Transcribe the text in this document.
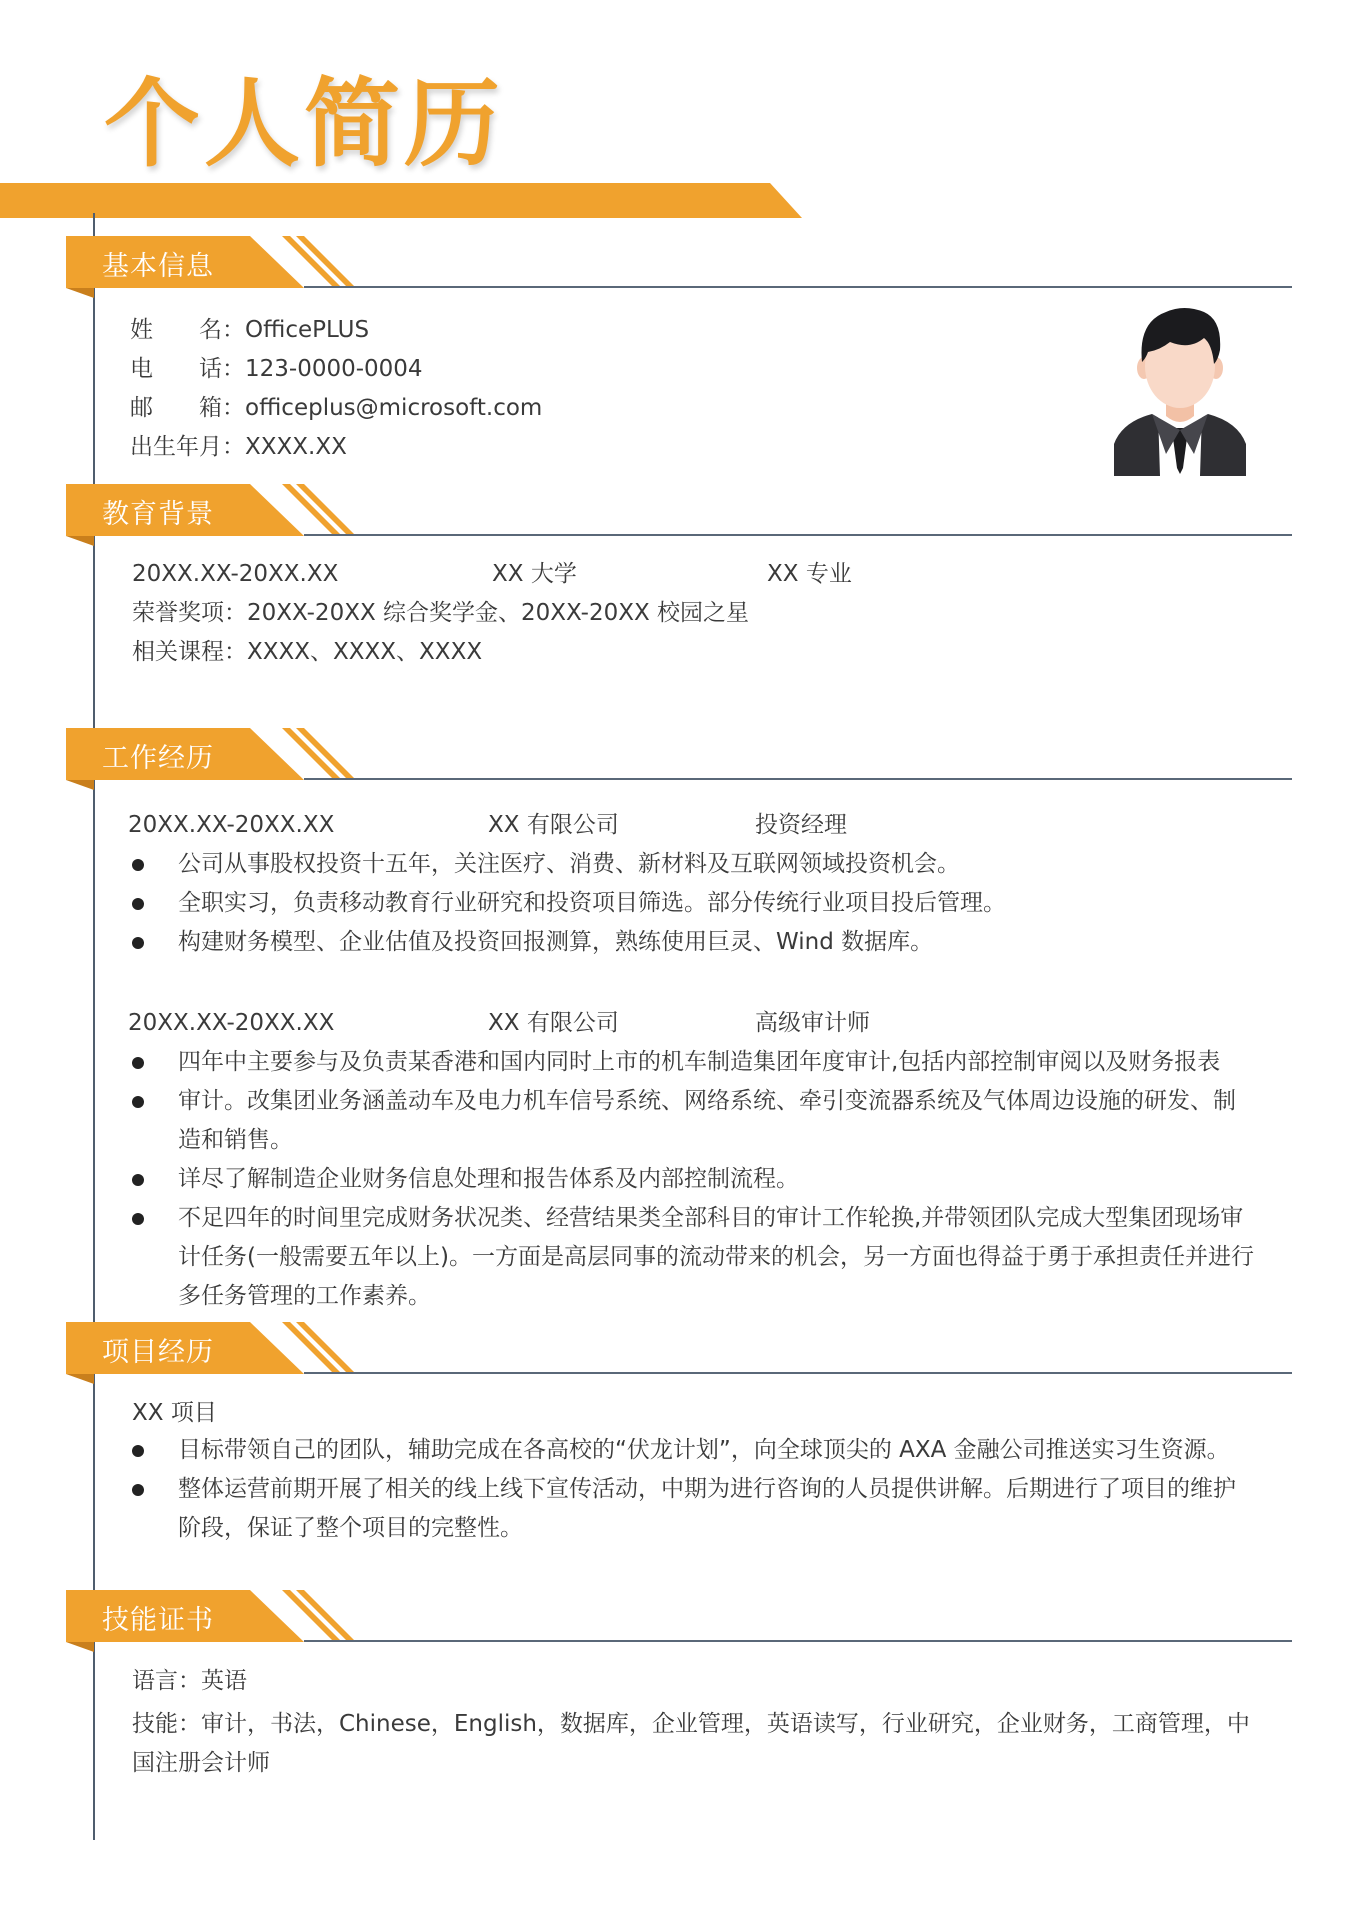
个人简历
基本信息
姓　　名：OfficePLUS
电　　话：123-0000-0004
邮　　箱：officeplus@microsoft.com
出生年月：XXXX.XX
教育背景
20XX.XX-20XX.XX	XX 大学	XX 专业
荣誉奖项：20XX-20XX 综合奖学金、20XX-20XX 校园之星
相关课程：XXXX、XXXX、XXXX
工作经历
20XX.XX-20XX.XX	XX 有限公司	投资经理
公司从事股权投资十五年，关注医疗、消费、新材料及互联网领域投资机会。
全职实习，负责移动教育行业研究和投资项目筛选。部分传统行业项目投后管理。
构建财务模型、企业估值及投资回报测算，熟练使用巨灵、Wind 数据库。
20XX.XX-20XX.XX	XX 有限公司	高级审计师
四年中主要参与及负责某香港和国内同时上市的机车制造集团年度审计,包括内部控制审阅以及财务报表
审计。改集团业务涵盖动车及电力机车信号系统、网络系统、牵引变流器系统及气体周边设施的研发、制造和销售。
详尽了解制造企业财务信息处理和报告体系及内部控制流程。
不足四年的时间里完成财务状况类、经营结果类全部科目的审计工作轮换,并带领团队完成大型集团现场审计任务(一般需要五年以上)。一方面是高层同事的流动带来的机会，另一方面也得益于勇于承担责任并进行多任务管理的工作素养。
项目经历
XX 项目
目标带领自己的团队，辅助完成在各高校的“伏龙计划”，向全球顶尖的 AXA 金融公司推送实习生资源。
整体运营前期开展了相关的线上线下宣传活动，中期为进行咨询的人员提供讲解。后期进行了项目的维护阶段，保证了整个项目的完整性。
技能证书
语言：英语
技能：审计，书法，Chinese，English，数据库，企业管理，英语读写，行业研究，企业财务，工商管理，中国注册会计师
